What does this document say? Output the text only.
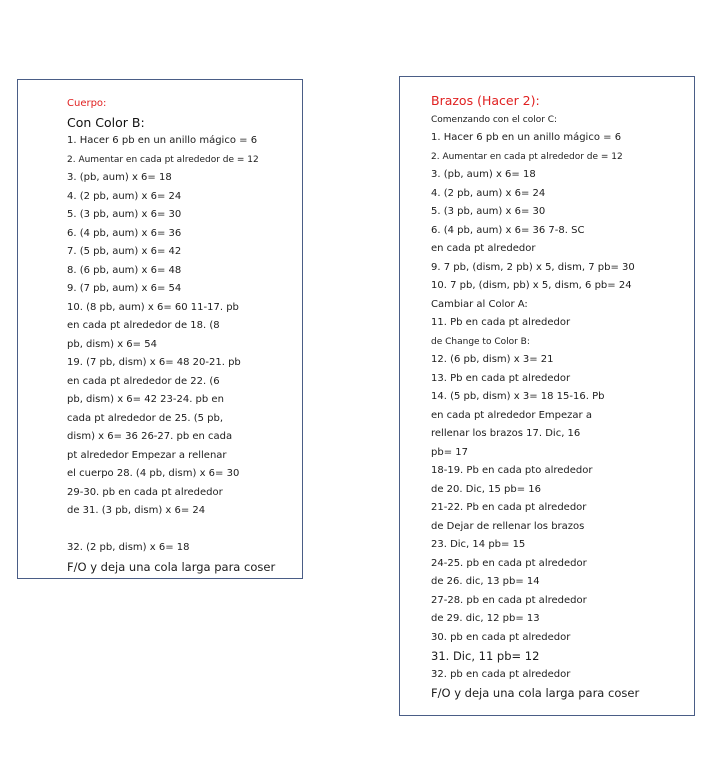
Cuerpo:
Con Color B:
1. Hacer 6 pb en un anillo mágico = 6
2. Aumentar en cada pt alrededor de = 12
3. (pb, aum) x 6= 18
4. (2 pb, aum) x 6= 24
5. (3 pb, aum) x 6= 30
6. (4 pb, aum) x 6= 36
7. (5 pb, aum) x 6= 42
8. (6 pb, aum) x 6= 48
9. (7 pb, aum) x 6= 54
10. (8 pb, aum) x 6= 60 11-17. pb
en cada pt alrededor de 18. (8
pb, dism) x 6= 54
19. (7 pb, dism) x 6= 48 20-21. pb
en cada pt alrededor de 22. (6
pb, dism) x 6= 42 23-24. pb en
cada pt alrededor de 25. (5 pb,
dism) x 6= 36 26-27. pb en cada
pt alrededor Empezar a rellenar
el cuerpo 28. (4 pb, dism) x 6= 30
29-30. pb en cada pt alrededor
de 31. (3 pb, dism) x 6= 24
32. (2 pb, dism) x 6= 18
F/O y deja una cola larga para coser
Brazos (Hacer 2):
Comenzando con el color C:
1. Hacer 6 pb en un anillo mágico = 6
2. Aumentar en cada pt alrededor de = 12
3. (pb, aum) x 6= 18
4. (2 pb, aum) x 6= 24
5. (3 pb, aum) x 6= 30
6. (4 pb, aum) x 6= 36 7-8. SC
en cada pt alrededor
9. 7 pb, (dism, 2 pb) x 5, dism, 7 pb= 30
10. 7 pb, (dism, pb) x 5, dism, 6 pb= 24
Cambiar al Color A:
11. Pb en cada pt alrededor
de Change to Color B:
12. (6 pb, dism) x 3= 21
13. Pb en cada pt alrededor
14. (5 pb, dism) x 3= 18 15-16. Pb
en cada pt alrededor Empezar a
rellenar los brazos 17. Dic, 16
pb= 17
18-19. Pb en cada pto alrededor
de 20. Dic, 15 pb= 16
21-22. Pb en cada pt alrededor
de Dejar de rellenar los brazos
23. Dic, 14 pb= 15
24-25. pb en cada pt alrededor
de 26. dic, 13 pb= 14
27-28. pb en cada pt alrededor
de 29. dic, 12 pb= 13
30. pb en cada pt alrededor
31. Dic, 11 pb= 12
32. pb en cada pt alrededor
F/O y deja una cola larga para coser
